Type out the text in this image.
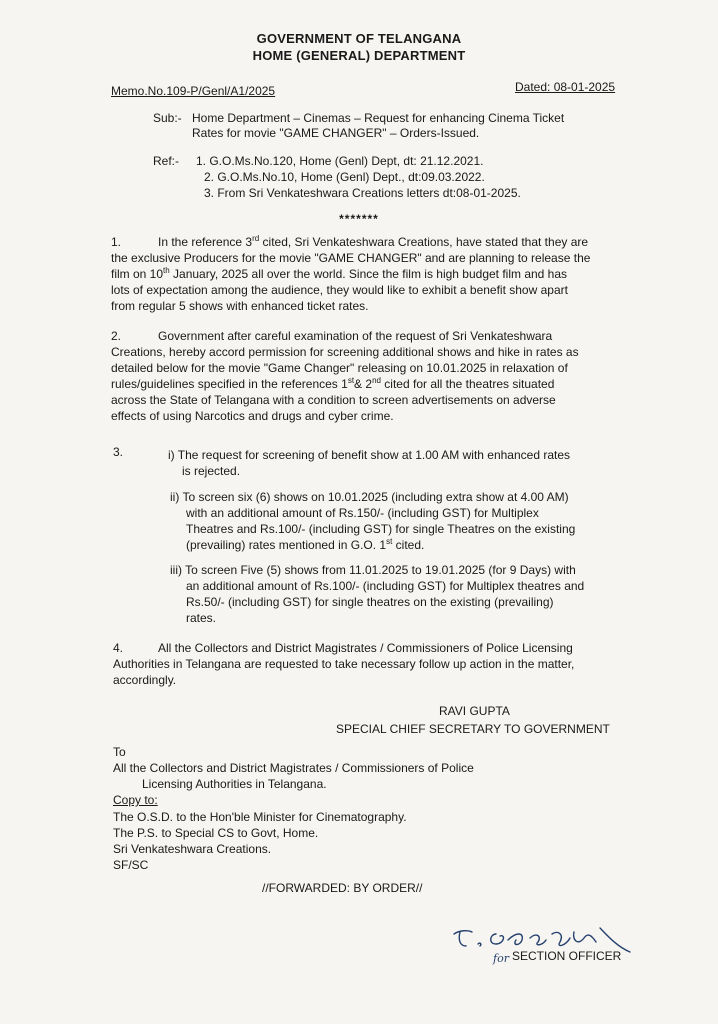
GOVERNMENT OF TELANGANA
HOME (GENERAL) DEPARTMENT
Memo.No.109-P/Genl/A1/2025	Dated: 08-01-2025
Sub:- Home Department – Cinemas – Request for enhancing Cinema Ticket
Rates for movie "GAME CHANGER" – Orders-Issued.
Ref:- 1. G.O.Ms.No.120, Home (Genl) Dept, dt: 21.12.2021.
2. G.O.Ms.No.10, Home (Genl) Dept., dt:09.03.2022.
3. From Sri Venkateshwara Creations letters dt:08-01-2025.
*******
1.	In the reference 3rd cited, Sri Venkateshwara Creations, have stated that they are
the exclusive Producers for the movie "GAME CHANGER" and are planning to release the
film on 10th January, 2025 all over the world. Since the film is high budget film and has
lots of expectation among the audience, they would like to exhibit a benefit show apart
from regular 5 shows with enhanced ticket rates.
2.	Government after careful examination of the request of Sri Venkateshwara
Creations, hereby accord permission for screening additional shows and hike in rates as
detailed below for the movie "Game Changer" releasing on 10.01.2025 in relaxation of
rules/guidelines specified in the references 1st& 2nd cited for all the theatres situated
across the State of Telangana with a condition to screen advertisements on adverse
effects of using Narcotics and drugs and cyber crime.
3.	i) The request for screening of benefit show at 1.00 AM with enhanced rates
is rejected.
ii) To screen six (6) shows on 10.01.2025 (including extra show at 4.00 AM)
with an additional amount of Rs.150/- (including GST) for Multiplex
Theatres and Rs.100/- (including GST) for single Theatres on the existing
(prevailing) rates mentioned in G.O. 1st cited.
iii) To screen Five (5) shows from 11.01.2025 to 19.01.2025 (for 9 Days) with
an additional amount of Rs.100/- (including GST) for Multiplex theatres and
Rs.50/- (including GST) for single theatres on the existing (prevailing)
rates.
4.	All the Collectors and District Magistrates / Commissioners of Police Licensing
Authorities in Telangana are requested to take necessary follow up action in the matter,
accordingly.
RAVI GUPTA
SPECIAL CHIEF SECRETARY TO GOVERNMENT
To
All the Collectors and District Magistrates / Commissioners of Police
Licensing Authorities in Telangana.
Copy to:
The O.S.D. to the Hon'ble Minister for Cinematography.
The P.S. to Special CS to Govt, Home.
Sri Venkateshwara Creations.
SF/SC
//FORWARDED: BY ORDER//
for SECTION OFFICER
